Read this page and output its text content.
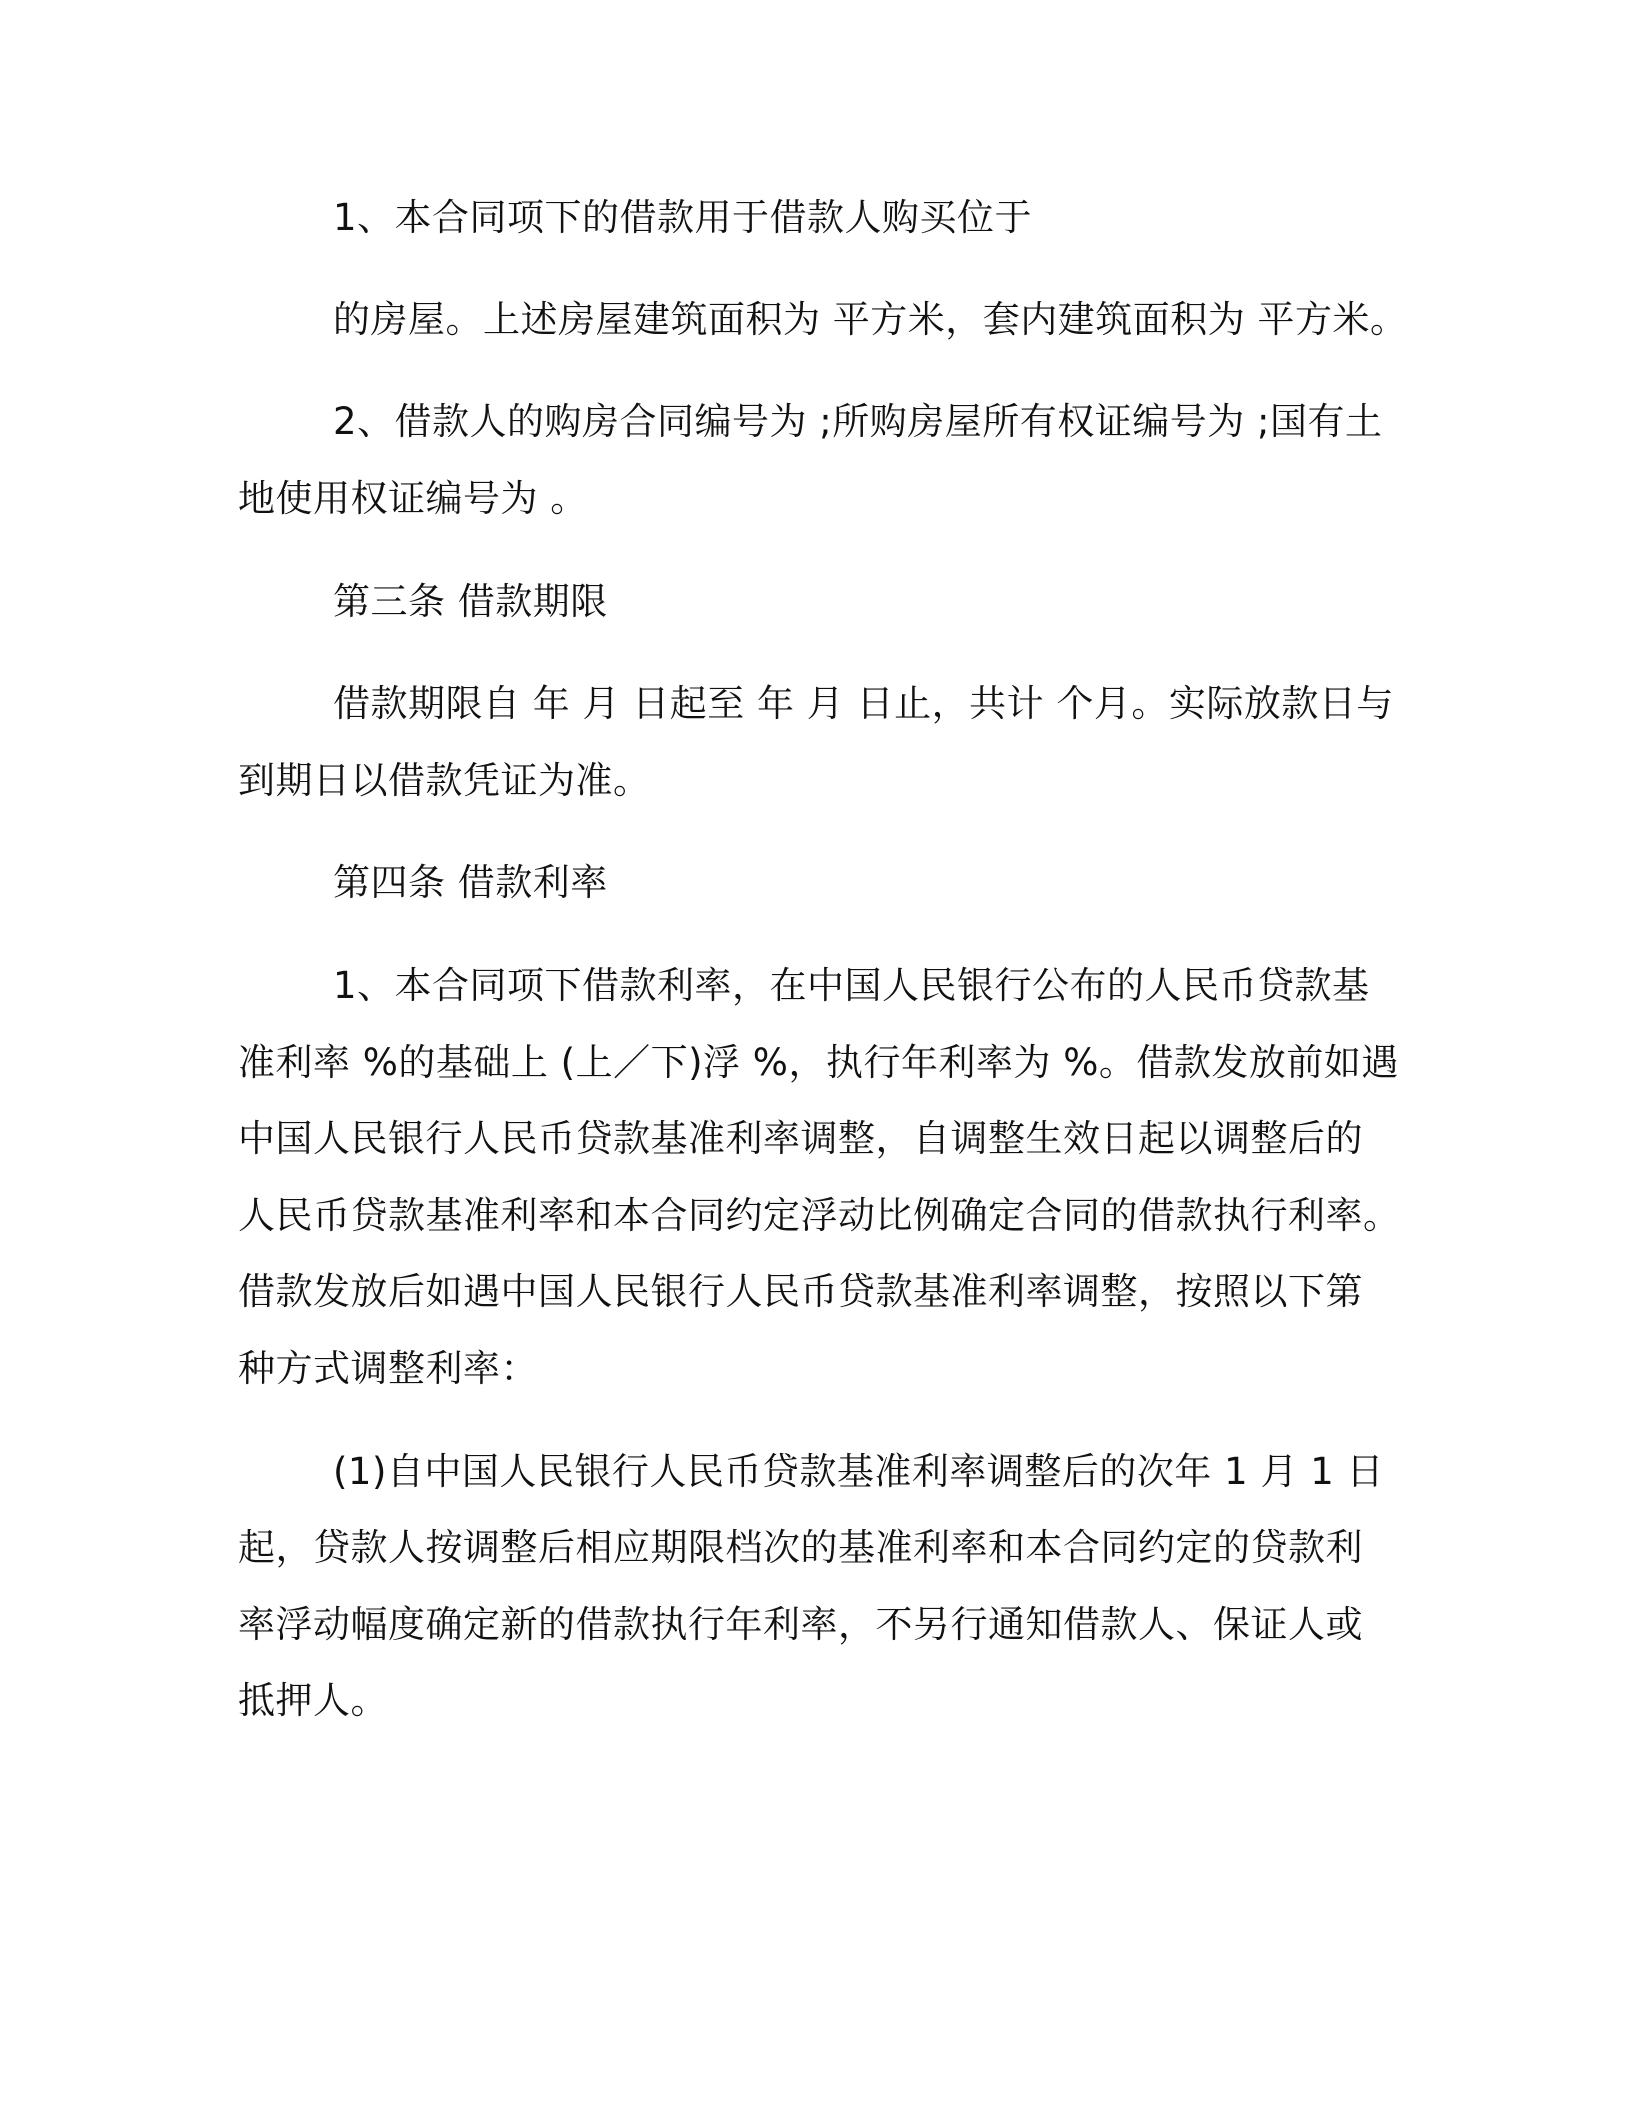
1、本合同项下的借款用于借款人购买位于
的房屋。上述房屋建筑面积为 平方米，套内建筑面积为 平方米。
2、借款人的购房合同编号为 ;所购房屋所有权证编号为 ;国有土
地使用权证编号为 。
第三条 借款期限
借款期限自 年 月 日起至 年 月 日止，共计 个月。实际放款日与
到期日以借款凭证为准。
第四条 借款利率
1、本合同项下借款利率，在中国人民银行公布的人民币贷款基
准利率 %的基础上 (上／下)浮 %，执行年利率为 %。借款发放前如遇
中国人民银行人民币贷款基准利率调整，自调整生效日起以调整后的
人民币贷款基准利率和本合同约定浮动比例确定合同的借款执行利率。
借款发放后如遇中国人民银行人民币贷款基准利率调整，按照以下第
种方式调整利率：
(1)自中国人民银行人民币贷款基准利率调整后的次年 1 月 1 日
起，贷款人按调整后相应期限档次的基准利率和本合同约定的贷款利
率浮动幅度确定新的借款执行年利率，不另行通知借款人、保证人或
抵押人。
